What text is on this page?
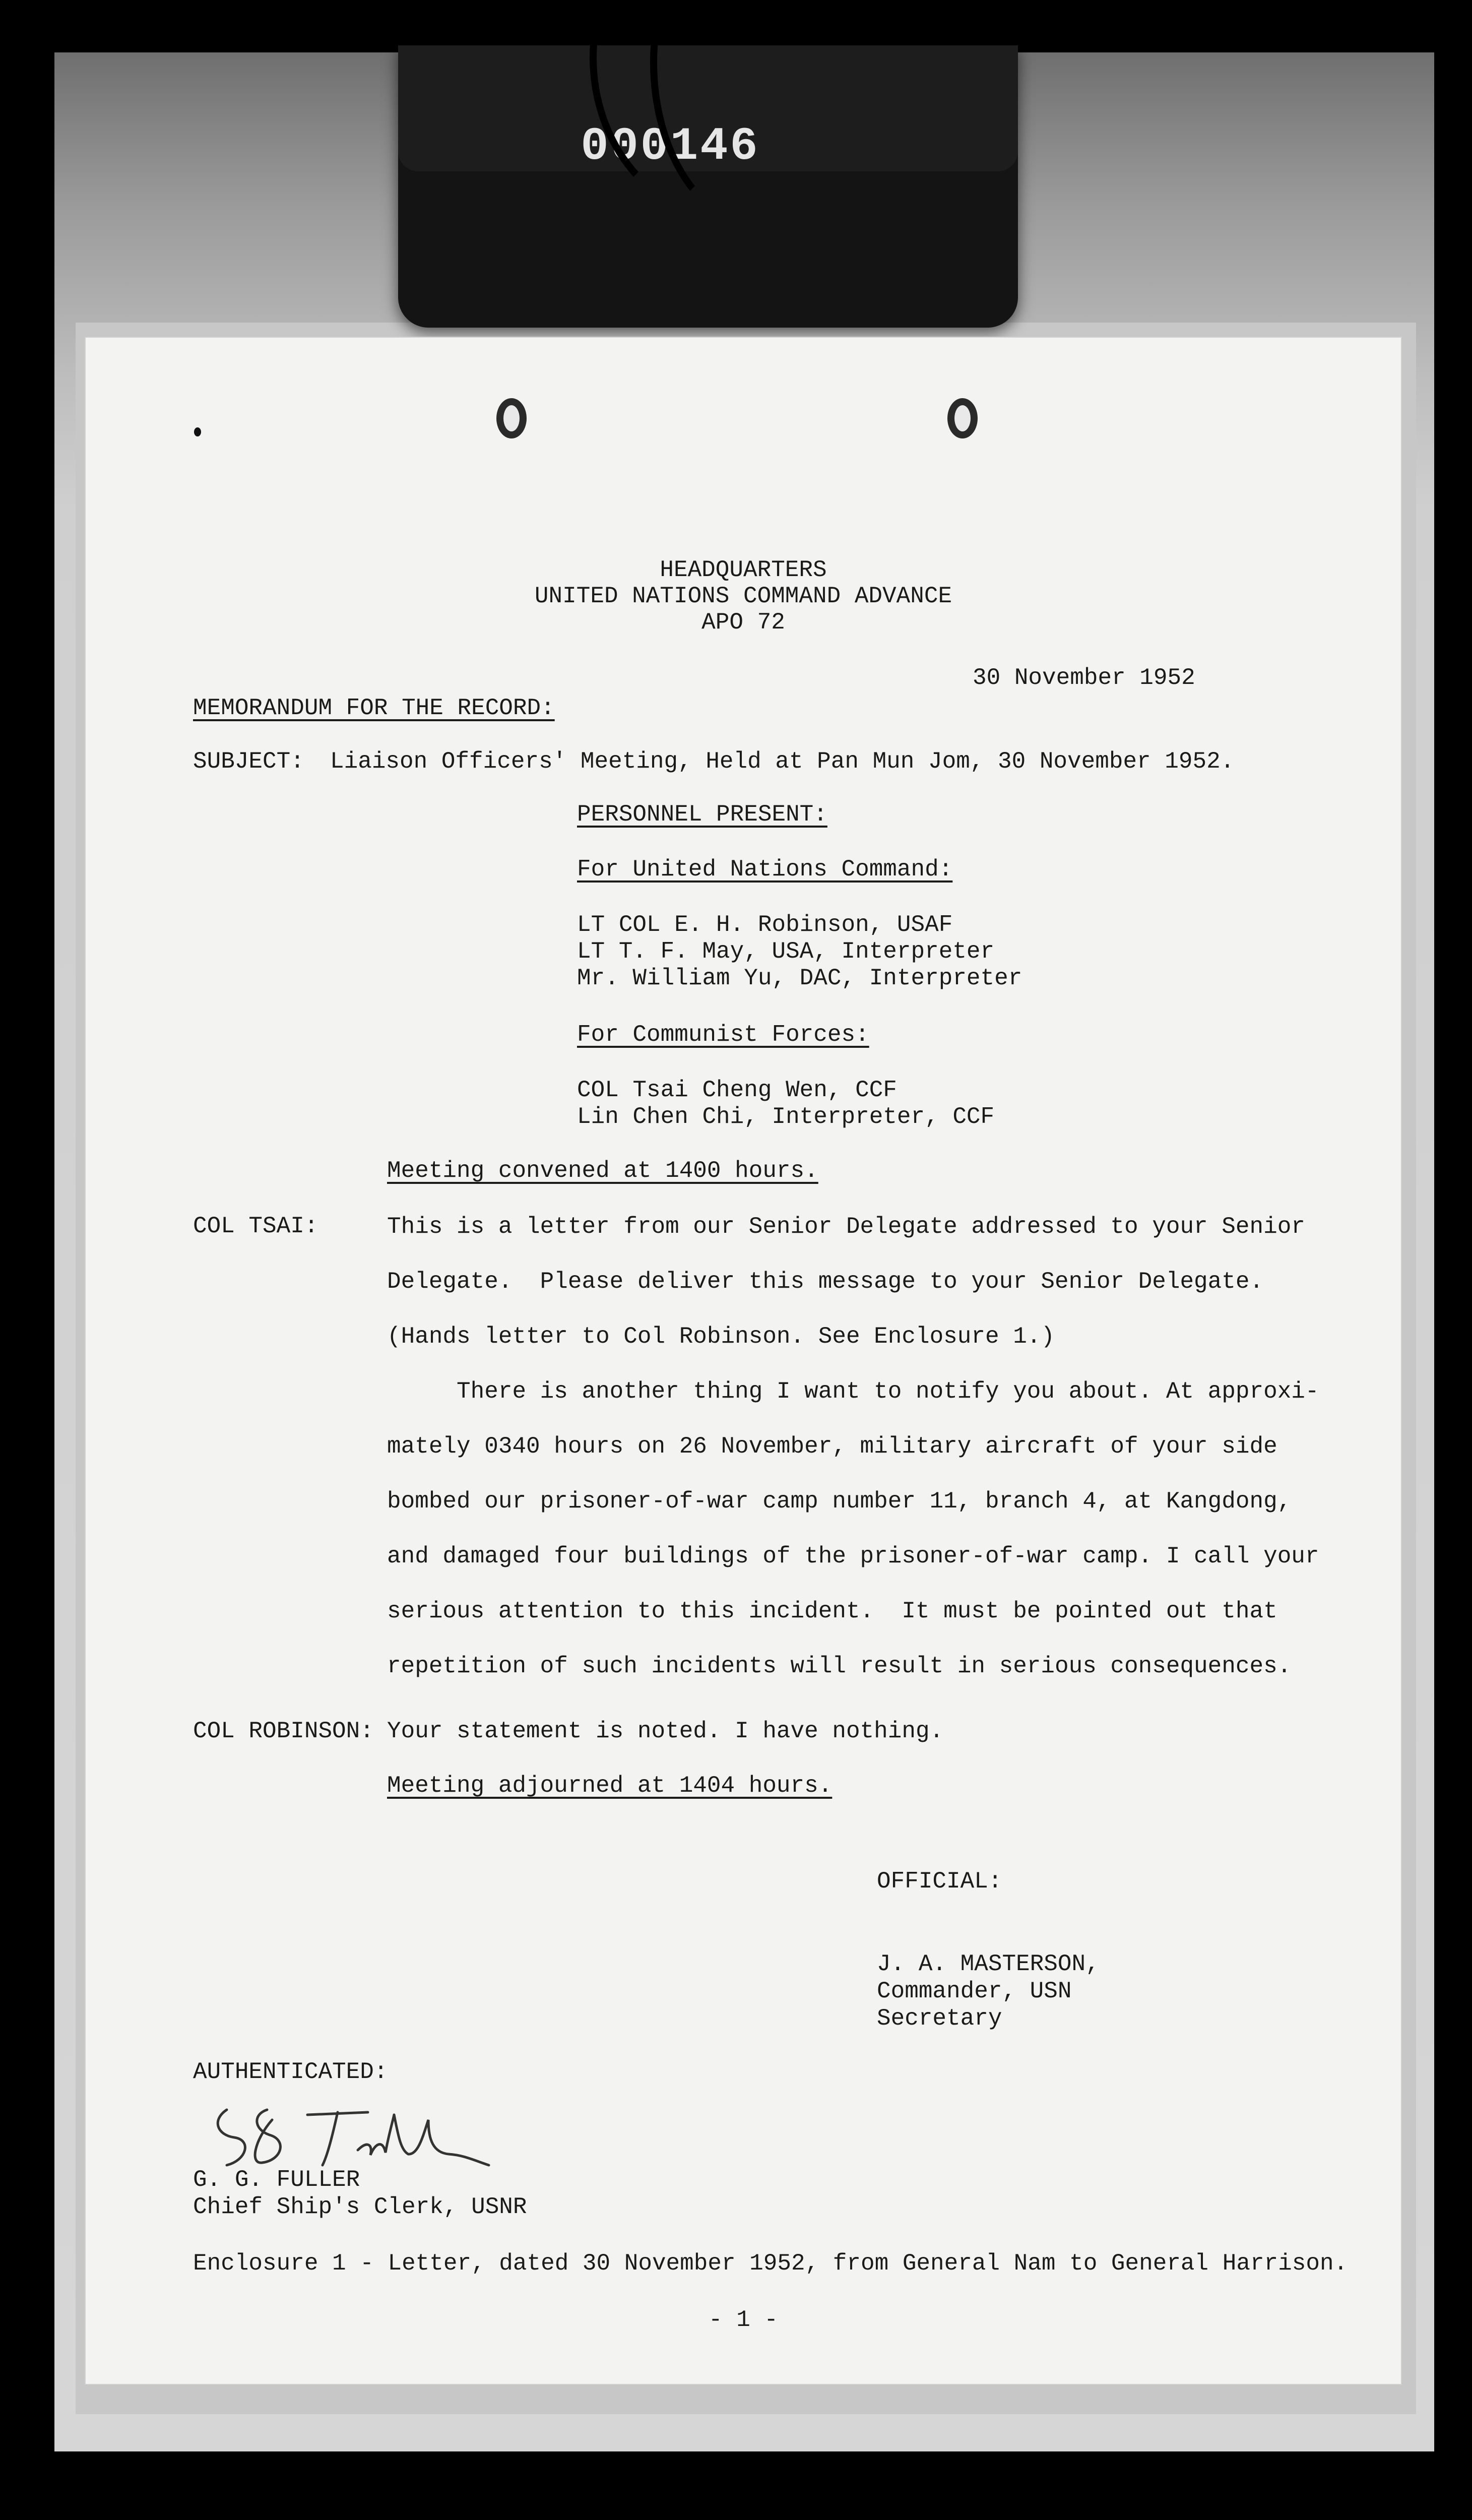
000146

HEADQUARTERS

UNITED NATIONS COMMAND ADVANCE

APO 72

30 November 1952

MEMORANDUM FOR THE RECORD:

SUBJECT: Liaison Officers' Meeting, Held at Pan Mun Jom, 30 November 1952.

PERSONNEL PRESENT:

For United Nations Command:

LT COL E. H. Robinson, USAF

LT T. F. May, USA, Interpreter

Mr. William Yu, DAC, Interpreter

For Communist Forces:

COL Tsai Cheng Wen, CCF

Lin Chen Chi, Interpreter, CCF

Meeting convened at 1400 hours.

COL TSAI:	This is a letter from our Senior Delegate addressed to your Senior

Delegate.  Please deliver this message to your Senior Delegate.

(Hands letter to Col Robinson. See Enclosure 1.)

There is another thing I want to notify you about. At approxi-

mately 0340 hours on 26 November, military aircraft of your side

bombed our prisoner-of-war camp number 11, branch 4, at Kangdong,

and damaged four buildings of the prisoner-of-war camp. I call your

serious attention to this incident.  It must be pointed out that

repetition of such incidents will result in serious consequences.

COL ROBINSON: Your statement is noted. I have nothing.

Meeting adjourned at 1404 hours.

OFFICIAL:

J. A. MASTERSON,

Commander, USN

Secretary

AUTHENTICATED:

G. G. FULLER

Chief Ship's Clerk, USNR

Enclosure 1 - Letter, dated 30 November 1952, from General Nam to General Harrison.

- 1 -
